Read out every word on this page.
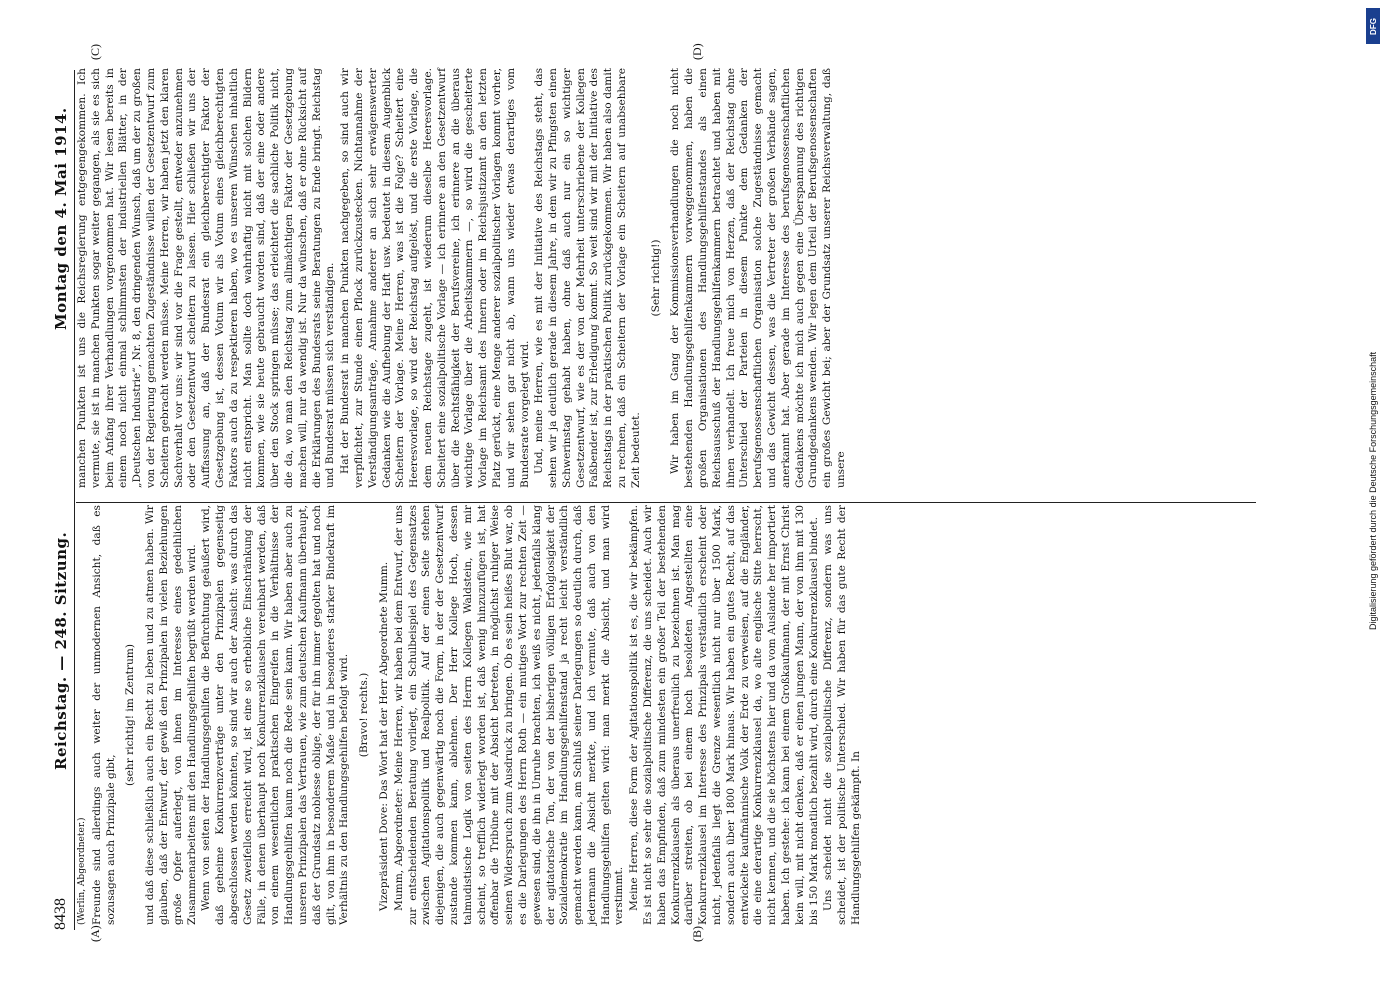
8438
Reichstag. — 248. Sitzung.
Montag den 4. Mai 1914.
(A)	(B)
(C)	(D)

(Werlin, Abgeordneter.) Freunde sind allerdings auch weiter der unmodernen Ansicht, daß es sozusagen auch Prinzipale gibt,

(sehr richtig! im Zentrum) und daß diese schließlich auch ein Recht zu leben und zu atmen haben. Wir glauben, daß der Entwurf, der gewiß den Prinzipalen in vielen Beziehungen große Opfer auferlegt, von ihnen im Interesse eines gedeihlichen Zusammenarbeitens mit den Handlungsgehilfen begrüßt werden wird. Wenn von seiten der Handlungsgehilfen die Befürchtung geäußert wird, daß geheime Konkurrenzverträge unter den Prinzipalen gegenseitig abgeschlossen werden könnten, so sind wir auch der Ansicht: was durch das Gesetz zweifellos erreicht wird, ist eine so erhebliche Einschränkung der Fälle, in denen überhaupt noch Konkurrenzklauseln vereinbart werden, daß von einem wesentlichen praktischen Eingreifen in die Verhältnisse der Handlungsgehilfen kaum noch die Rede sein kann. Wir haben aber auch zu unseren Prinzipalen das Vertrauen, wie zum deutschen Kaufmann überhaupt, daß der Grundsatz noblesse oblige, der für ihn immer gegolten hat und noch gilt, von ihm in besonderem Maße und in besonderes starker Bindekraft im Verhältnis zu den Handlungsgehilfen befolgt wird. (Bravo! rechts.) Vizepräsident Dove: Das Wort hat der Herr Abgeordnete Mumm. Mumm, Abgeordneter: Meine Herren, wir haben bei dem Entwurf, der uns zur entscheidenden Beratung vorliegt, ein Schulbeispiel des Gegensatzes zwischen Agitationspolitik und Realpolitik. Auf der einen Seite stehen diejenigen, die auch gegenwärtig noch die Form, in der der Gesetzentwurf zustande kommen kann, ablehnen. Der Herr Kollege Hoch, dessen talmudistische Logik von seiten des Herrn Kollegen Waldstein, wie mir scheint, so trefflich widerlegt worden ist, daß wenig hinzuzufügen ist, hat offenbar die Tribüne mit der Absicht betreten, in möglichst ruhiger Weise seinen Widerspruch zum Ausdruck zu bringen. Ob es sein heißes Blut war, ob es die Darlegungen des Herrn Roth — ein mutiges Wort zur rechten Zeit — gewesen sind, die ihn in Unruhe brachten, ich weiß es nicht, jedenfalls klang der agitatorische Ton, der von der bisherigen völligen Erfolglosigkeit der Sozialdemokratie im Handlungsgehilfenstand ja recht leicht verständlich gemacht werden kann, am Schluß seiner Darlegungen so deutlich durch, daß jedermann die Absicht merkte, und ich vermute, daß auch von den Handlungsgehilfen gelten wird: man merkt die Absicht, und man wird verstimmt. Meine Herren, diese Form der Agitationspolitik ist es, die wir bekämpfen. Es ist nicht so sehr die sozialpolitische Differenz, die uns scheidet. Auch wir haben das Empfinden, daß zum mindesten ein großer Teil der bestehenden Konkurrenzklauseln als überaus unerfreulich zu bezeichnen ist. Man mag darüber streiten, ob bei einem hoch besoldeten Angestellten eine Konkurrenzklausel im Interesse des Prinzipals verständlich erscheint oder nicht, jedenfalls liegt die Grenze wesentlich nicht nur über 1500 Mark, sondern auch über 1800 Mark hinaus. Wir haben ein gutes Recht, auf das entwickelte kaufmännische Volk der Erde zu verweisen, auf die Engländer, die eine derartige Konkurrenzklausel da, wo alte englische Sitte herrscht, nicht kennen, und die sie höchstens hier und da vom Auslande her importiert haben. Ich gestehe: ich kann bei einem Großkaufmann, der mit Ernst Christ kein will, mit nicht denken, daß er einen jungen Mann, der von ihm mit 130 bis 150 Mark monatlich bezahlt wird, durch eine Konkurrenzklausel bindet. Uns scheidet nicht die sozialpolitische Differenz, sondern was uns scheidet, ist der politische Unterschied. Wir haben für das gute Recht der Handlungsgehilfen gekämpft. In

manchen Punkten ist uns die Reichsregierung entgegengekommen. Ich vermute, sie ist in manchen Punkten sogar weiter gegangen, als sie es sich beim Anfang ihrer Verhandlungen vorgenommen hat. Wir lesen bereits in einem noch nicht einmal schlimmsten der industriellen Blätter, in der „Deutschen Industrie“, Nr. 8, den dringenden Wunsch, daß um der zu großen von der Regierung gemachten Zugeständnisse willen der Gesetzentwurf zum Scheitern gebracht werden müsse. Meine Herren, wir haben jetzt den klaren Sachverhalt vor uns: wir sind vor die Frage gestellt, entweder anzunehmen oder den Gesetzentwurf scheitern zu lassen. Hier schließen wir uns der Auffassung an, daß der Bundesrat ein gleichberechtigter Faktor der Gesetzgebung ist, dessen Votum wir als Votum eines gleichberechtigten Faktors auch da zu respektieren haben, wo es unseren Wünschen inhaltlich nicht entspricht. Man sollte doch wahrhaftig nicht mit solchen Bildern kommen, wie sie heute gebraucht worden sind, daß der eine oder andere über den Stock springen müsse; das erleichtert die sachliche Politik nicht, die da, wo man den Reichstag zum allmächtigen Faktor der Gesetzgebung machen will, nur da wendig ist. Nur da wünschen, daß er ohne Rücksicht auf die Erklärungen des Bundesrats seine Beratungen zu Ende bringt. Reichstag und Bundesrat müssen sich verständigen. Hat der Bundesrat in manchen Punkten nachgegeben, so sind auch wir verpflichtet, zur Stunde einen Pflock zurückzustecken. Nichtannahme der Verständigungsanträge, Annahme anderer an sich sehr erwägenswerter Gedanken wie die Aufhebung der Haft usw. bedeutet in diesem Augenblick Scheitern der Vorlage. Meine Herren, was ist die Folge? Scheitert eine Heeresvorlage, so wird der Reichstag aufgelöst, und die erste Vorlage, die dem neuen Reichstage zugeht, ist wiederum dieselbe Heeresvorlage. Scheitert eine sozialpolitische Vorlage — ich erinnere an den Gesetzentwurf über die Rechtsfähigkeit der Berufsvereine, ich erinnere an die überaus wichtige Vorlage über die Arbeitskammern —, so wird die gescheiterte Vorlage im Reichsamt des Innern oder im Reichsjustizamt an den letzten Platz gerückt, eine Menge anderer sozialpolitischer Vorlagen kommt vorher, und wir sehen gar nicht ab, wann uns wieder etwas derartiges vom Bundesrate vorgelegt wird. Und, meine Herren, wie es mit der Initiative des Reichstags steht, das sehen wir ja deutlich gerade in diesem Jahre, in dem wir zu Pfingsten einen Schwerinstag gehabt haben, ohne daß auch nur ein so wichtiger Gesetzentwurf, wie es der von der Mehrheit unterschriebene der Kollegen Faßbender ist, zur Erledigung kommt. So weit sind wir mit der Initiative des Reichstags in der praktischen Politik zurückgekommen. Wir haben also damit zu rechnen, daß ein Scheitern der Vorlage ein Scheitern auf unabsehbare Zeit bedeutet.

(Sehr richtig!) Wir haben im Gang der Kommissionsverhandlungen die noch nicht bestehenden Handlungsgehilfenkammern vorweggenommen, haben die großen Organisationen des Handlungsgehilfenstandes als einen Reichsausschuß der Handlungsgehilfenkammern betrachtet und haben mit ihnen verhandelt. Ich freue mich von Herzen, daß der Reichstag ohne Unterschied der Parteien in diesem Punkte dem Gedanken der berufsgenossenschaftlichen Organisation solche Zugeständnisse gemacht und das Gewicht dessen, was die Vertreter der großen Verbände sagen, anerkannt hat. Aber gerade im Interesse des berufsgenossenschaftlichen Gedankens möchte ich mich auch gegen eine Überspannung des richtigen Grundgedankens wenden. Wir legen dem Urteil der Berufsgenossenschaften ein großes Gewicht bei; aber der Grundsatz unserer Reichsverwaltung, daß unsere

DFG
Digitalisierung gefördert durch die Deutsche Forschungsgemeinschaft
